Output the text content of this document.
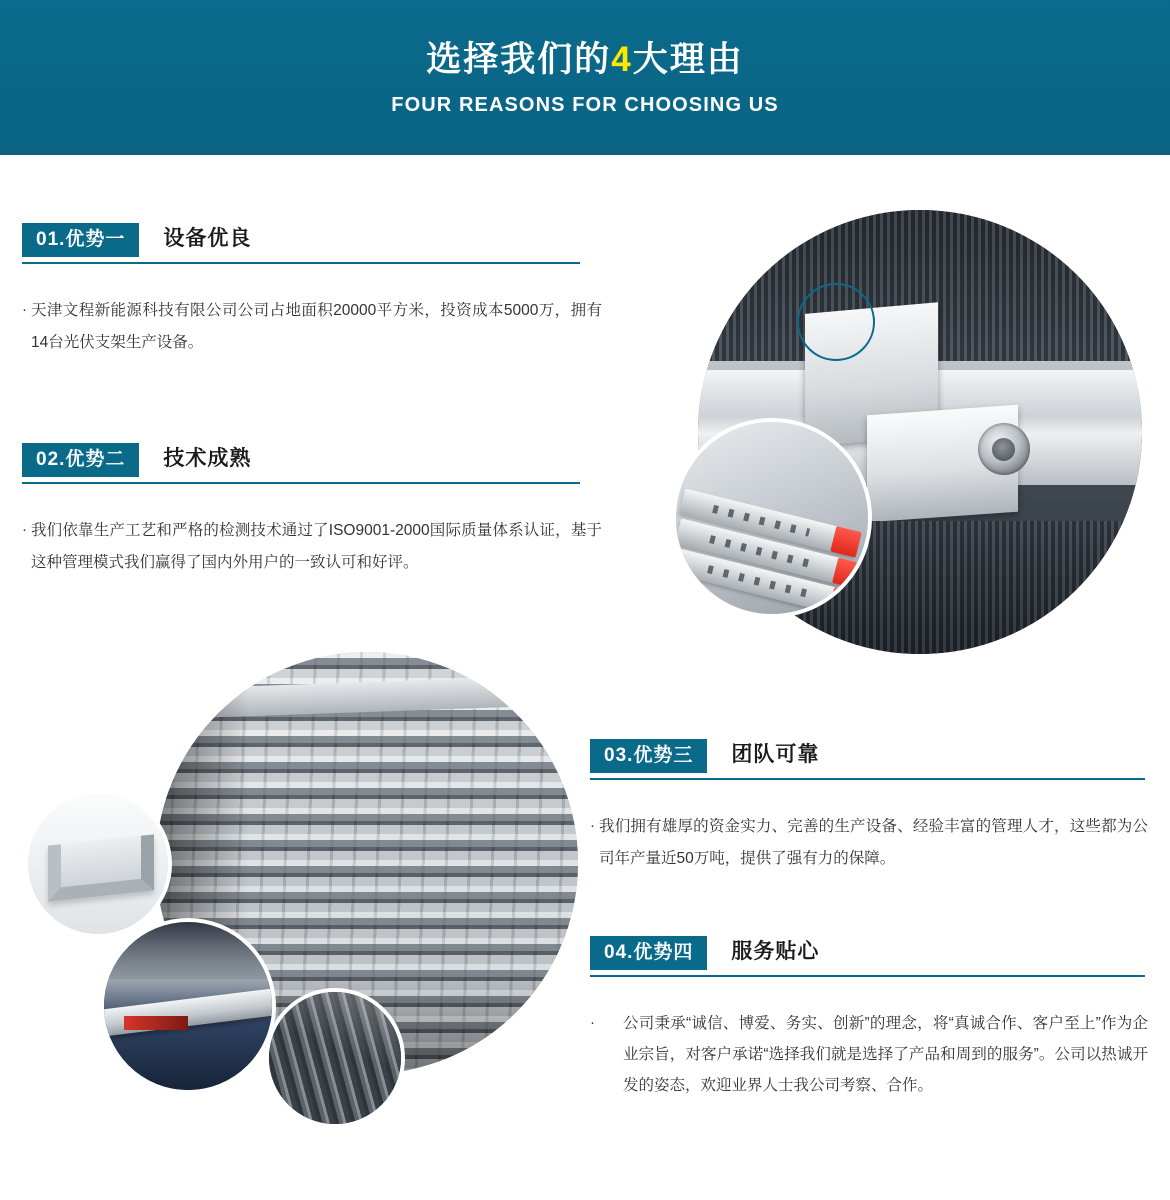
选择我们的4大理由
FOUR REASONS FOR CHOOSING US
01.优势一	设备优良
· 天津文程新能源科技有限公司公司占地面积20000平方米，投资成本5000万，拥有14台光伏支架生产设备。
02.优势二	技术成熟
· 我们依靠生产工艺和严格的检测技术通过了ISO9001-2000国际质量体系认证，基于这种管理模式我们赢得了国内外用户的一致认可和好评。
03.优势三	团队可靠
· 我们拥有雄厚的资金实力、完善的生产设备、经验丰富的管理人才，这些都为公司年产量近50万吨，提供了强有力的保障。
04.优势四	服务贴心
· 公司秉承“诚信、博爱、务实、创新”的理念，将“真诚合作、客户至上”作为企业宗旨，对客户承诺“选择我们就是选择了产品和周到的服务”。公司以热诚开发的姿态，欢迎业界人士我公司考察、合作。
